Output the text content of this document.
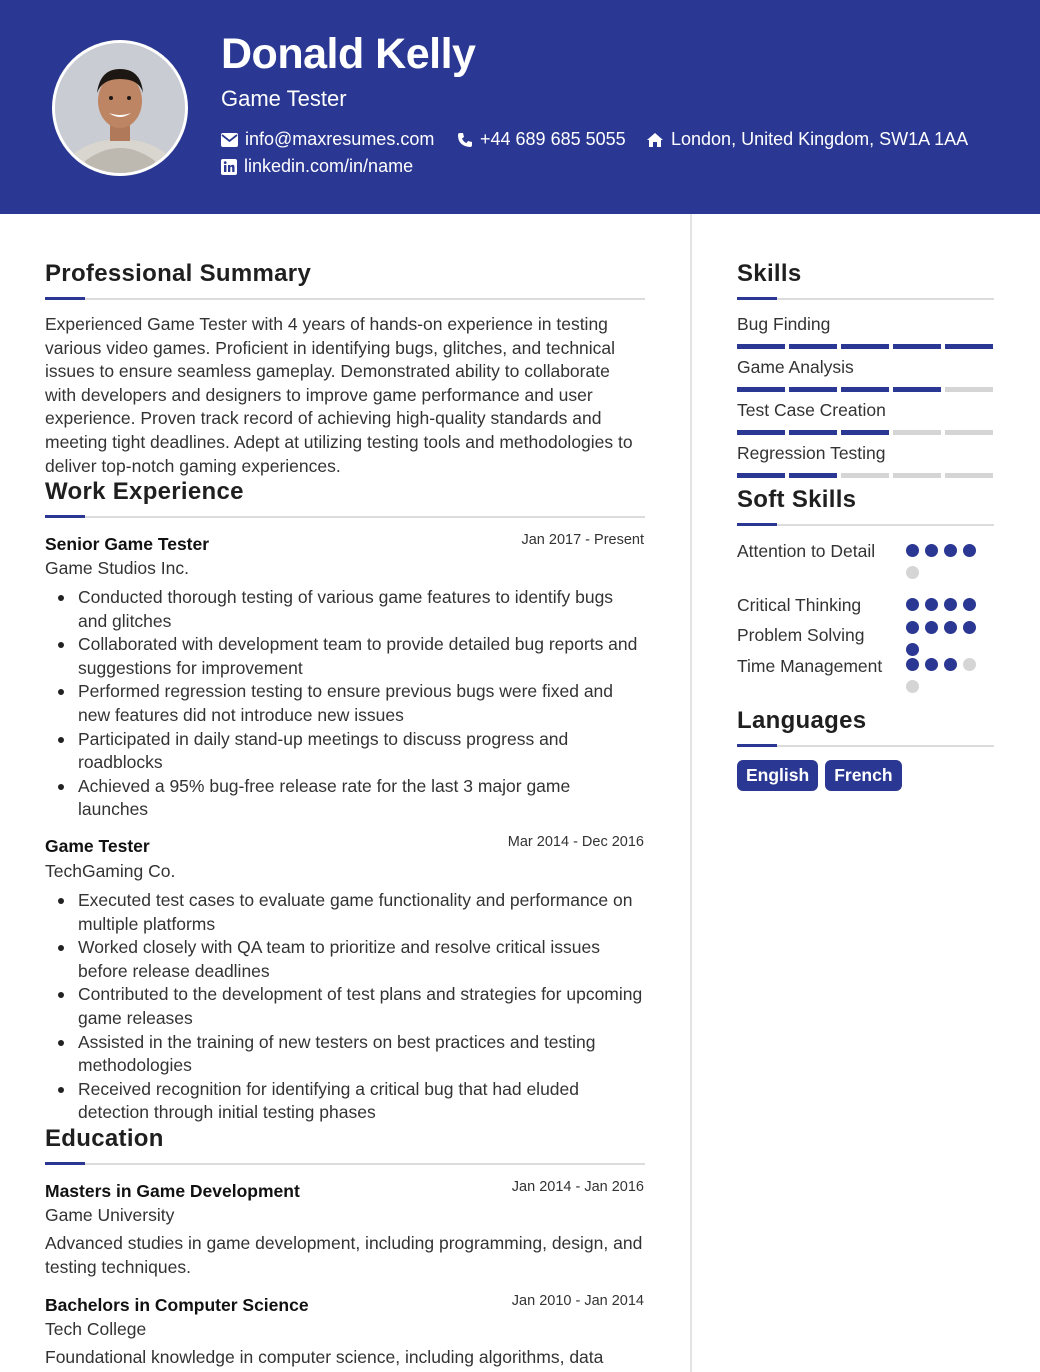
Donald Kelly
Game Tester
info@maxresumes.com	+44 689 685 5055	London, United Kingdom, SW1A 1AA
linkedin.com/in/name
Professional Summary
Experienced Game Tester with 4 years of hands-on experience in testing various video games. Proficient in identifying bugs, glitches, and technical issues to ensure seamless gameplay. Demonstrated ability to collaborate with developers and designers to improve game performance and user experience. Proven track record of achieving high-quality standards and meeting tight deadlines. Adept at utilizing testing tools and methodologies to deliver top-notch gaming experiences.
Work Experience
Senior Game Tester	Jan 2017 - Present
Game Studios Inc.
Conducted thorough testing of various game features to identify bugs and glitches
Collaborated with development team to provide detailed bug reports and suggestions for improvement
Performed regression testing to ensure previous bugs were fixed and new features did not introduce new issues
Participated in daily stand-up meetings to discuss progress and roadblocks
Achieved a 95% bug-free release rate for the last 3 major game launches
Game Tester	Mar 2014 - Dec 2016
TechGaming Co.
Executed test cases to evaluate game functionality and performance on multiple platforms
Worked closely with QA team to prioritize and resolve critical issues before release deadlines
Contributed to the development of test plans and strategies for upcoming game releases
Assisted in the training of new testers on best practices and testing methodologies
Received recognition for identifying a critical bug that had eluded detection through initial testing phases
Education
Masters in Game Development	Jan 2014 - Jan 2016
Game University
Advanced studies in game development, including programming, design, and testing techniques.
Bachelors in Computer Science	Jan 2010 - Jan 2014
Tech College
Foundational knowledge in computer science, including algorithms, data
Skills
Bug Finding
Game Analysis
Test Case Creation
Regression Testing
Soft Skills
Attention to Detail
Critical Thinking
Problem Solving
Time Management
Languages
English	French
